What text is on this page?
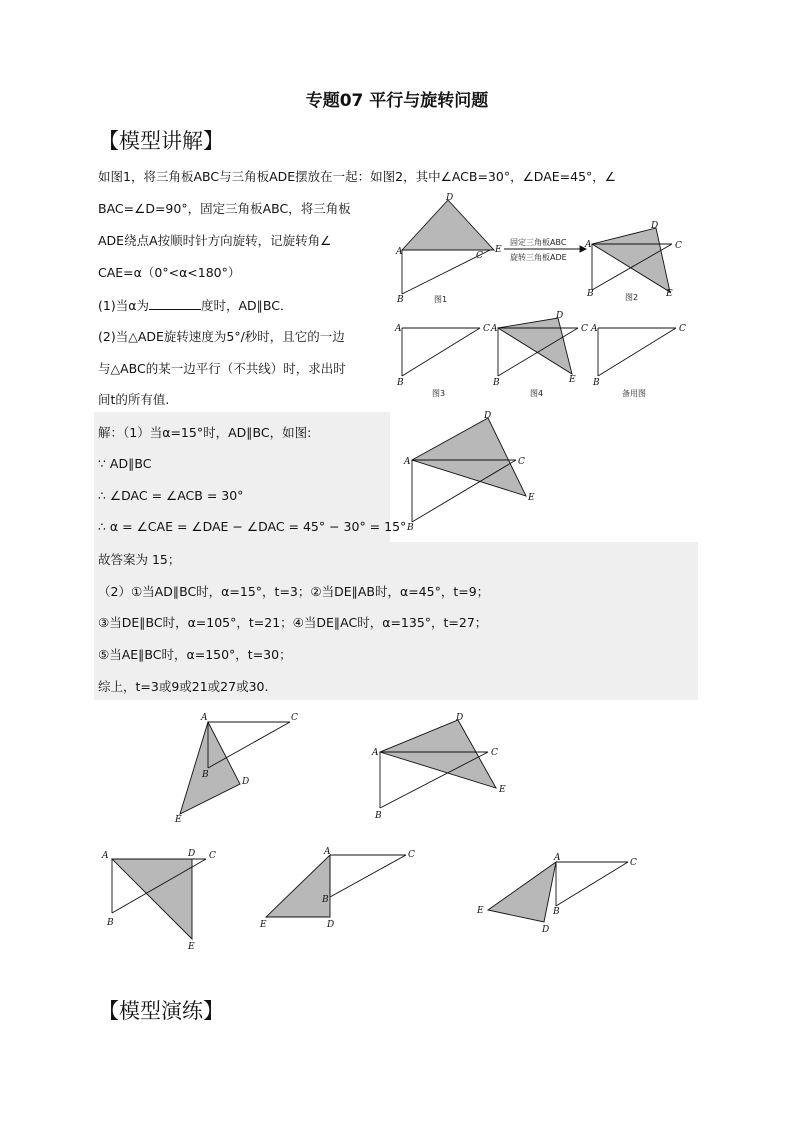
专题07 平行与旋转问题
【模型讲解】
如图1，将三角板ABC与三角板ADE摆放在一起：如图2，其中∠ACB=30°，∠DAE=45°，∠
BAC=∠D=90°，固定三角板ABC，将三角板
ADE绕点A按顺时针方向旋转，记旋转角∠
CAE=α（0°<α<180°）
(1)当α为	度时，AD∥BC．
(2)当△ADE旋转速度为5°/秒时，且它的一边
与△ABC的某一边平行（不共线）时，求出时
间t的所有值.
A
D
C
E
B	图1
固定三角板ABC
旋转三角板ADE
A
D
C
E
B	图2
A	C
B
图3
A
D
C
E
B
图4
A	C
B
备用图
解：（1）当α=15°时，AD∥BC，如图:
∵ AD∥BC
∴ ∠DAC = ∠ACB = 30°
∴ α = ∠CAE = ∠DAE − ∠DAC = 45° − 30° = 15°
故答案为 15；
（2）①当AD∥BC时，α=15°，t=3；②当DE∥AB时，α=45°，t=9；
③当DE∥BC时，α=105°，t=21；④当DE∥AC时，α=135°，t=27；
⑤当AE∥BC时，α=150°，t=30；
综上，t=3或9或21或27或30.
A
D
C
E
B
A	C
B
D
E
A
D
C
E
B
A	D C
B
E
A	C
B
E	D
A	C
B
E
D
【模型演练】
